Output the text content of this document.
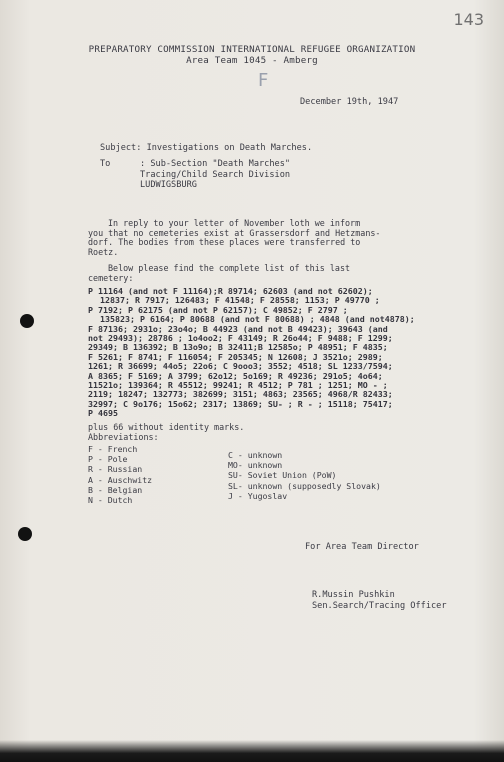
143
PREPARATORY COMMISSION INTERNATIONAL REFUGEE ORGANIZATION
Area Team 1045 - Amberg
F
December 19th, 1947
Subject: Investigations on Death Marches.
To	: Sub-Section "Death Marches"
Tracing/Child Search Division
LUDWIGSBURG
In reply to your letter of November loth we inform
you that no cemeteries exist at Grassersdorf and Hetzmans-
dorf. The bodies from these places were transferred to
Roetz.
Below please find the complete list of this last
cemetery:
P 11164 (and not F 11164);R 89714; 62603 (and not 62602);
12837; R 7917; 126483; F 41548; F 28558; 1153; P 49770 ;
P 7192; P 62175 (and not P 62157); C 49852; F 2797 ;
135823; P 6164; P 80688 (and not F 80688) ; 4848 (and not4878);
F 87136; 2931o; 23o4o; B 44923 (and not B 49423); 39643 (and
not 29493); 28786 ; 1o4oo2; F 43149; R 26o44; F 9488; F 1299;
29349; B 136392; B 13o9o; B 32411;B 12585o; P 48951; F 4835;
F 5261; F 8741; F 116054; F 205345; N 12608; J 3521o; 2989;
1261; R 36699; 44o5; 22o6; C 9ooo3; 3552; 4518; SL 1233/7594;
A 8365; F 5169; A 3799; 62o12; 5o169; R 49236; 291o5; 4o64;
11521o; 139364; R 45512; 99241; R 4512; P 781 ; 1251; MO - ;
2119; 18247; 132773; 382699; 3151; 4863; 23565; 4968/R 82433;
32997; C 9o176; 15o62; 2317; 13869; SU- ; R - ; 15118; 75417;
P 4695
plus 66 without identity marks.
Abbreviations:
F - French
P - Pole
R - Russian
A - Auschwitz
B - Belgian
N - Dutch
C - unknown
MO- unknown
SU- Soviet Union (PoW)
SL- unknown (supposedly Slovak)
J - Yugoslav
For Area Team Director
R.Mussin Pushkin
Sen.Search/Tracing Officer
